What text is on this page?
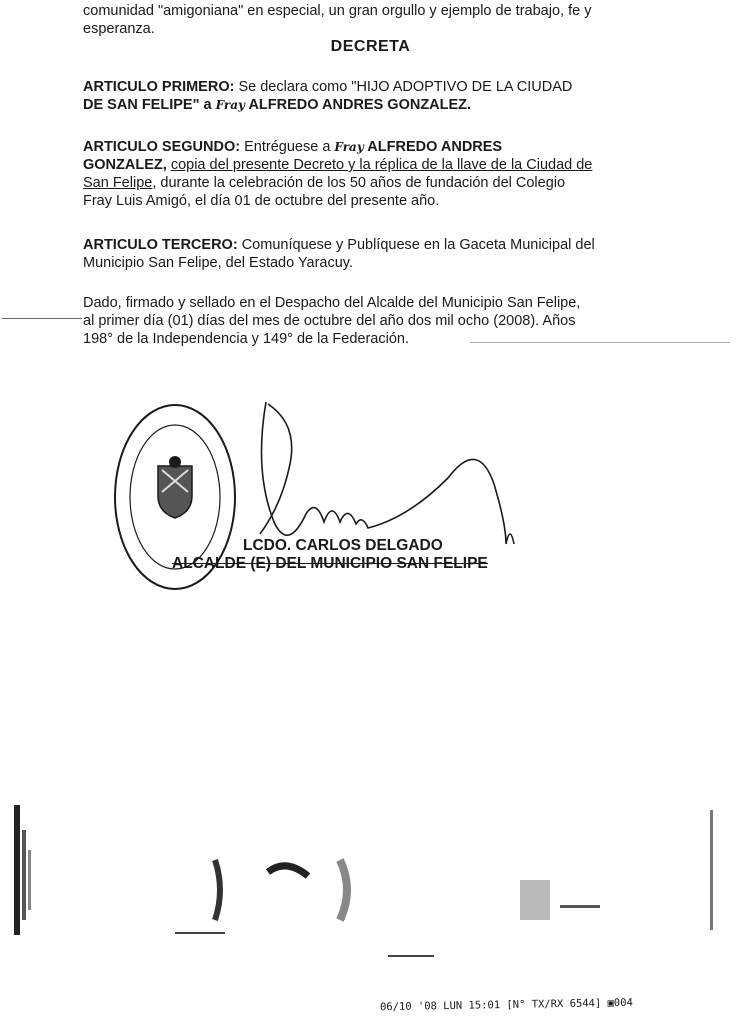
comunidad "amigoniana" en especial, un gran orgullo y ejemplo de trabajo, fe y
esperanza.
DECRETA
ARTICULO PRIMERO: Se declara como "HIJO ADOPTIVO DE LA CIUDAD
DE SAN FELIPE" a Fray ALFREDO ANDRES GONZALEZ.
ARTICULO SEGUNDO: Entréguese a Fray ALFREDO ANDRES
GONZALEZ, copia del presente Decreto y la réplica de la llave de la Ciudad de
San Felipe, durante la celebración de los 50 años de fundación del Colegio
Fray Luis Amigó, el día 01 de octubre del presente año.
ARTICULO TERCERO: Comuníquese y Publíquese en la Gaceta Municipal del
Municipio San Felipe, del Estado Yaracuy.
Dado, firmado y sellado en el Despacho del Alcalde del Municipio San Felipe,
al primer día (01) días del mes de octubre del año dos mil ocho (2008). Años
198° de la Independencia y 149° de la Federación.
LCDO. CARLOS DELGADO
ALCALDE (E) DEL MUNICIPIO SAN FELIPE
06/10 '08 LUN 15:01 [N° TX/RX 6544] ▣004
